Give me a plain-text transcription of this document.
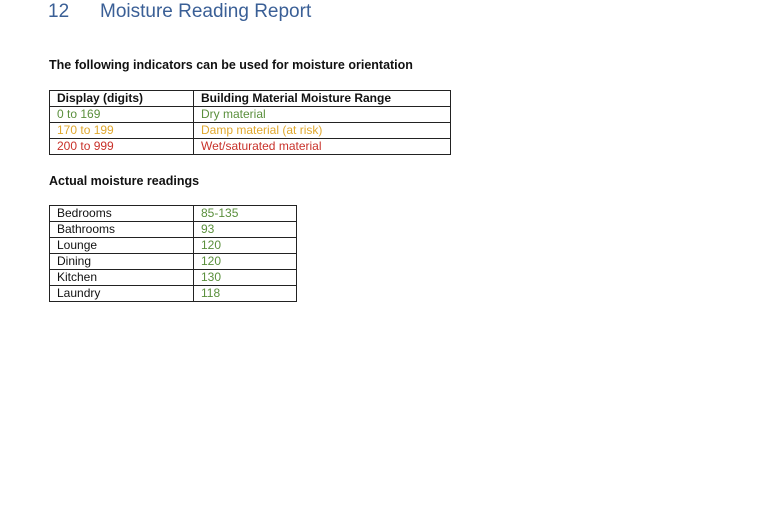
12 Moisture Reading Report
The following indicators can be used for moisture orientation
Display (digits)	Building Material Moisture Range
0 to 169	Dry material
170 to 199	Damp material (at risk)
200 to 999	Wet/saturated material
Actual moisture readings
Bedrooms	85-135
Bathrooms	93
Lounge	120
Dining	120
Kitchen	130
Laundry	118
